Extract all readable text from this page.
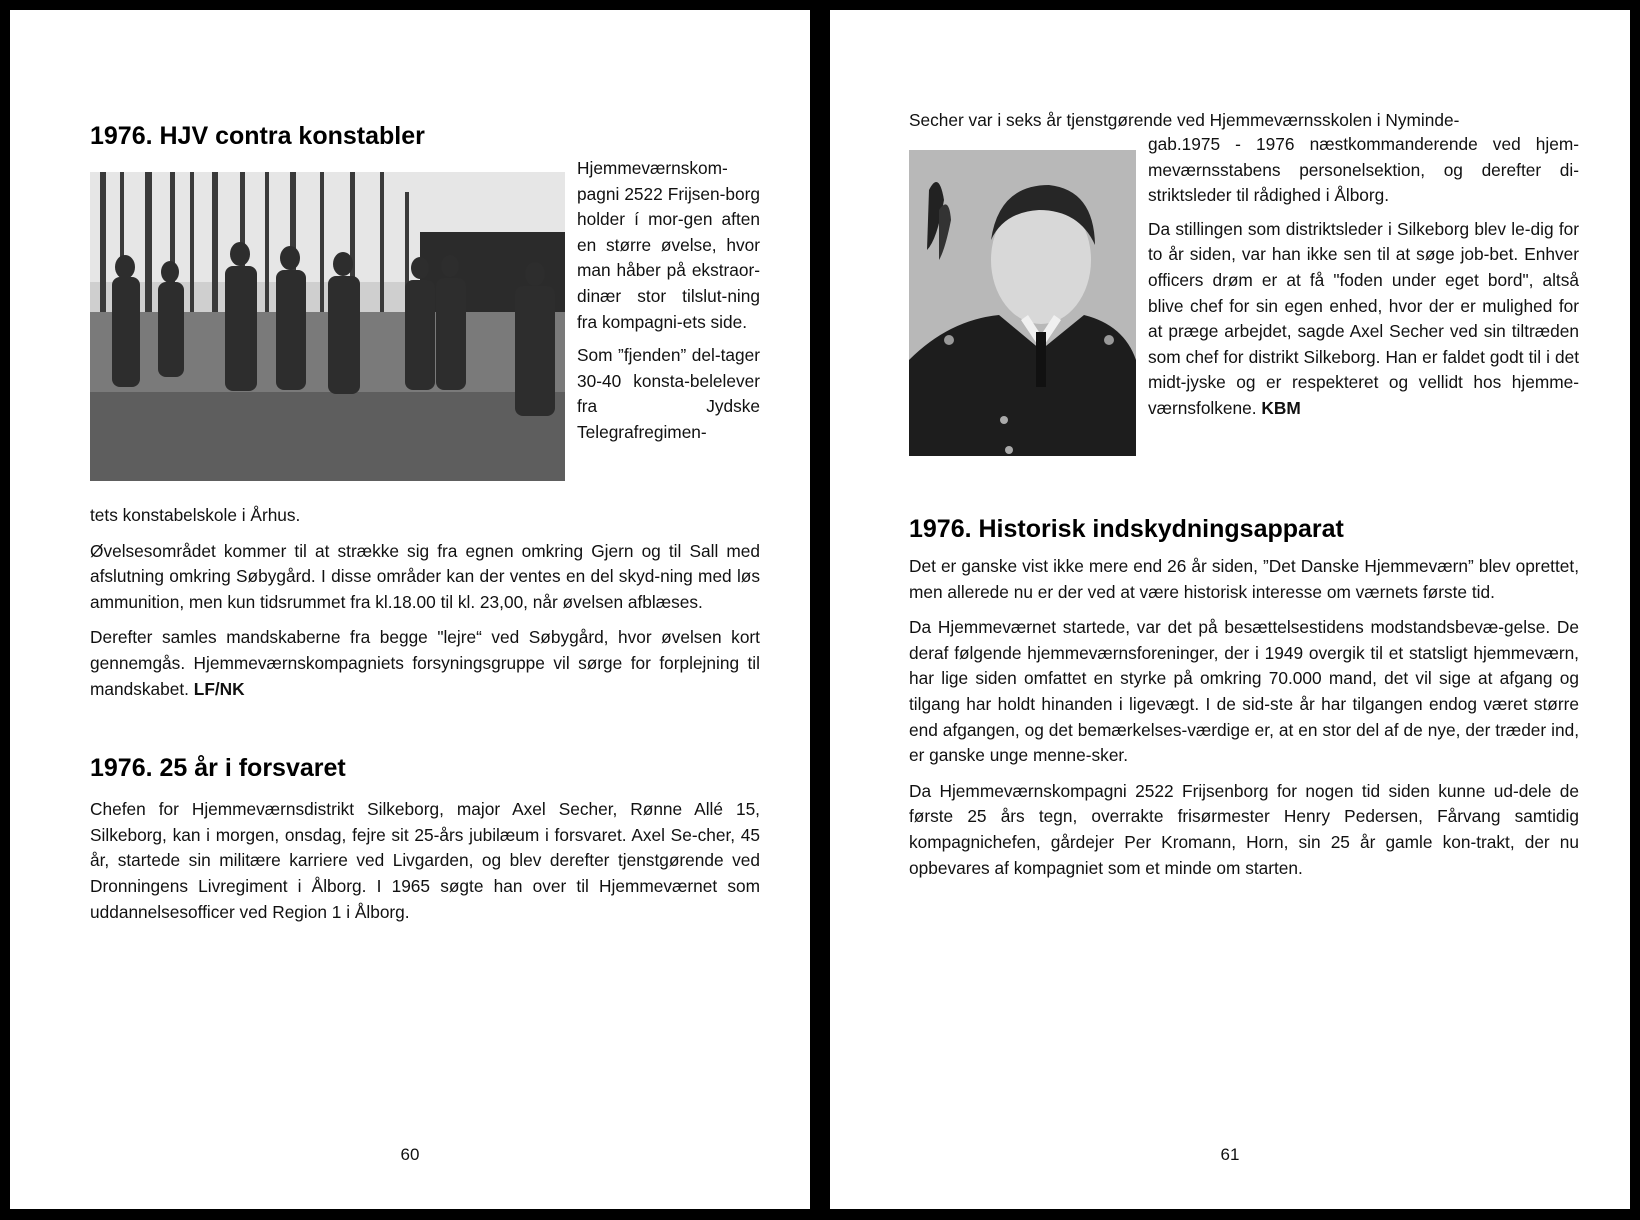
1976. HJV contra konstabler

Hjemmeværnskom-pagni 2522 Frijsen-borg holder í mor-gen aften en større øvelse, hvor man håber på ekstraor-dinær stor tilslut-ning fra kompagni-ets side.

Som ”fjenden” del-tager 30-40 konsta-belelever fra Jydske Telegrafregimen-

tets konstabelskole i Århus.

Øvelsesområdet kommer til at strække sig fra egnen omkring Gjern og til Sall med afslutning omkring Søbygård. I disse områder kan der ventes en del skyd-ning med løs ammunition, men kun tidsrummet fra kl.18.00 til kl. 23,00, når øvelsen afblæses.

Derefter samles mandskaberne fra begge "lejre“ ved Søbygård, hvor øvelsen kort gennemgås. Hjemmeværnskompagniets forsyningsgruppe vil sørge for forplejning til mandskabet. LF/NK

1976. 25 år i forsvaret

Chefen for Hjemmeværnsdistrikt Silkeborg, major Axel Secher, Rønne Allé 15, Silkeborg, kan i morgen, onsdag, fejre sit 25-års jubilæum i forsvaret. Axel Se-cher, 45 år, startede sin militære karriere ved Livgarden, og blev derefter tjenstgørende ved Dronningens Livregiment i Ålborg. I 1965 søgte han over til Hjemmeværnet som uddannelsesofficer ved Region 1 i Ålborg.

60

Secher var i seks år tjenstgørende ved Hjemmeværnsskolen i Nyminde-

gab.1975 - 1976 næstkommanderende ved hjem-meværnsstabens personelsektion, og derefter di-striktsleder til rådighed i Ålborg.

Da stillingen som distriktsleder i Silkeborg blev le-dig for to år siden, var han ikke sen til at søge job-bet. Enhver officers drøm er at få "foden under eget bord", altså blive chef for sin egen enhed, hvor der er mulighed for at præge arbejdet, sagde Axel Secher ved sin tiltræden som chef for distrikt Silkeborg. Han er faldet godt til i det midt-jyske og er respekteret og vellidt hos hjemme-værnsfolkene. KBM

1976. Historisk indskydningsapparat

Det er ganske vist ikke mere end 26 år siden, ”Det Danske Hjemmeværn” blev oprettet, men allerede nu er der ved at være historisk interesse om værnets første tid.

Da Hjemmeværnet startede, var det på besættelsestidens modstandsbevæ-gelse. De deraf følgende hjemmeværnsforeninger, der i 1949 overgik til et statsligt hjemmeværn, har lige siden omfattet en styrke på omkring 70.000 mand, det vil sige at afgang og tilgang har holdt hinanden i ligevægt. I de sid-ste år har tilgangen endog været større end afgangen, og det bemærkelses-værdige er, at en stor del af de nye, der træder ind, er ganske unge menne-sker.

Da Hjemmeværnskompagni 2522 Frijsenborg for nogen tid siden kunne ud-dele de første 25 års tegn, overrakte frisørmester Henry Pedersen, Fårvang samtidig kompagnichefen, gårdejer Per Kromann, Horn, sin 25 år gamle kon-trakt, der nu opbevares af kompagniet som et minde om starten.

61
